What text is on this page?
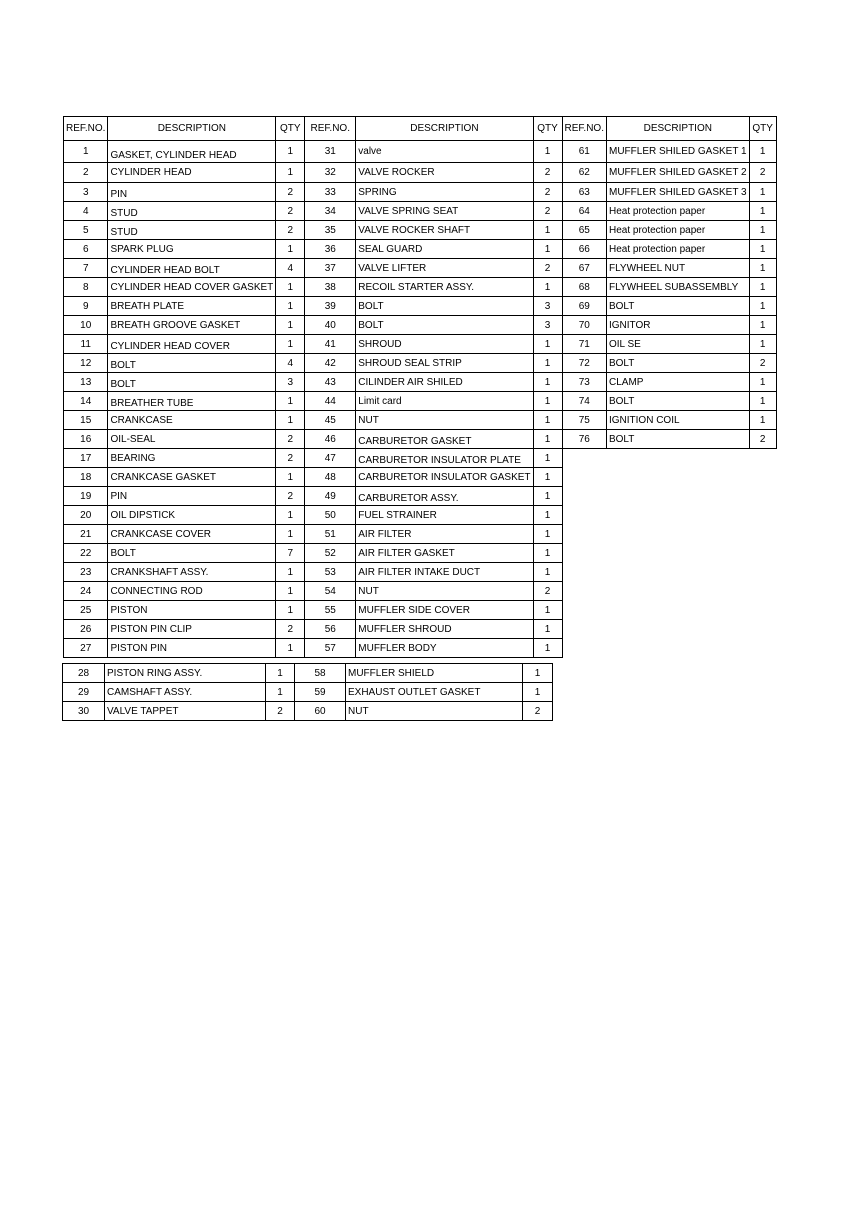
REF.NO.	DESCRIPTION	QTY	REF.NO.	DESCRIPTION	QTY	REF.NO.	DESCRIPTION	QTY
1	GASKET, CYLINDER HEAD	1	31	valve	1	61	MUFFLER SHILED GASKET 1	1
2	CYLINDER HEAD	1	32	VALVE ROCKER	2	62	MUFFLER SHILED GASKET 2	2
3	PIN	2	33	SPRING	2	63	MUFFLER SHILED GASKET 3	1
4	STUD	2	34	VALVE SPRING SEAT	2	64	Heat protection paper	1
5	STUD	2	35	VALVE ROCKER SHAFT	1	65	Heat protection paper	1
6	SPARK PLUG	1	36	SEAL GUARD	1	66	Heat protection paper	1
7	CYLINDER HEAD BOLT	4	37	VALVE LIFTER	2	67	FLYWHEEL NUT	1
8	CYLINDER HEAD COVER GASKET	1	38	RECOIL STARTER ASSY.	1	68	FLYWHEEL SUBASSEMBLY	1
9	BREATH PLATE	1	39	BOLT	3	69	BOLT	1
10	BREATH GROOVE GASKET	1	40	BOLT	3	70	IGNITOR	1
11	CYLINDER HEAD COVER	1	41	SHROUD	1	71	OIL SE	1
12	BOLT	4	42	SHROUD SEAL STRIP	1	72	BOLT	2
13	BOLT	3	43	CILINDER AIR SHILED	1	73	CLAMP	1
14	BREATHER TUBE	1	44	Limit card	1	74	BOLT	1
15	CRANKCASE	1	45	NUT	1	75	IGNITION COIL	1
16	OIL-SEAL	2	46	CARBURETOR GASKET	1	76	BOLT	2
17	BEARING	2	47	CARBURETOR INSULATOR PLATE	1			
18	CRANKCASE GASKET	1	48	CARBURETOR INSULATOR GASKET	1			
19	PIN	2	49	CARBURETOR ASSY.	1			
20	OIL DIPSTICK	1	50	FUEL STRAINER	1			
21	CRANKCASE COVER	1	51	AIR FILTER	1			
22	BOLT	7	52	AIR FILTER GASKET	1			
23	CRANKSHAFT ASSY.	1	53	AIR FILTER INTAKE DUCT	1			
24	CONNECTING ROD	1	54	NUT	2			
25	PISTON	1	55	MUFFLER SIDE COVER	1			
26	PISTON PIN CLIP	2	56	MUFFLER SHROUD	1			
27	PISTON PIN	1	57	MUFFLER BODY	1			
28	PISTON RING ASSY.	1	58	MUFFLER SHIELD	1
29	CAMSHAFT ASSY.	1	59	EXHAUST OUTLET GASKET	1
30	VALVE TAPPET	2	60	NUT	2
